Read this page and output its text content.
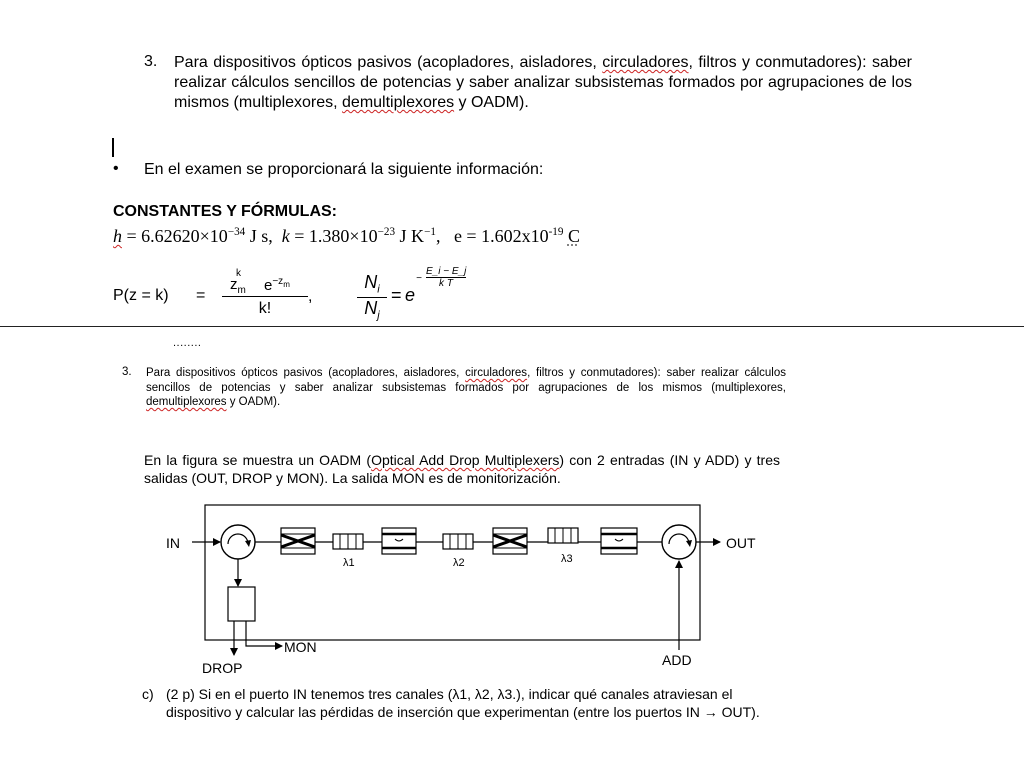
3. Para dispositivos ópticos pasivos (acopladores, aisladores, circuladores, filtros y conmutadores): saber realizar cálculos sencillos de potencias y saber analizar subsistemas formados por agrupaciones de los mismos (multiplexores, demultiplexores y OADM).
• En el examen se proporcionará la siguiente información:
CONSTANTES Y FÓRMULAS:
$h = 6.62620\times 10^{-34}$ J s,  $k = 1.380\times 10^{-23}$ J $K^{-1}$,   $e = 1.602x10^{-19}$ C
$P(z = k) = z_m$
k
$e^{-z_m}$
k! , $\frac{N_i}{N_j} = e$
− $\frac{E\_i - E\_j}{\text{k T}}$
........
3. Para dispositivos ópticos pasivos (acopladores, aisladores, circuladores, filtros y conmutadores): saber realizar cálculos sencillos de potencias y saber analizar subsistemas formados por agrupaciones de los mismos (multiplexores, demultiplexores y OADM).
En la figura se muestra un OADM (Optical Add Drop Multiplexers) con 2 entradas (IN y ADD) y tres salidas (OUT, DROP y MON). La salida MON es de monitorización.
IN
λ1	λ2	λ3
OUT
MON
DROP	ADD
c) (2 p) Si en el puerto IN tenemos tres canales (λ1, λ2, λ3.), indicar qué canales atraviesan el dispositivo y calcular las pérdidas de inserción que experimentan (entre los puertos IN → OUT).
